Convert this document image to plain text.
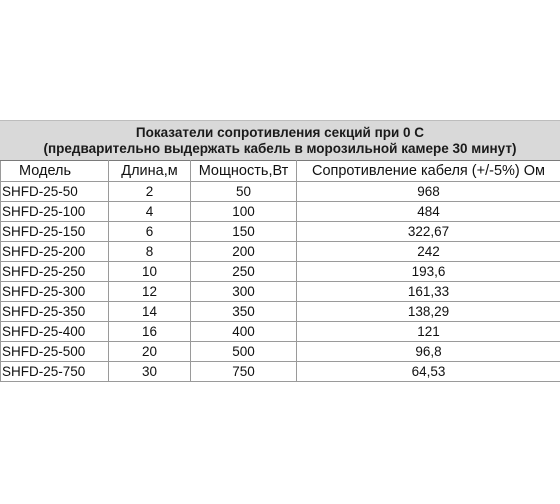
Показатели сопротивления секций при 0 С
(предварительно выдержать кабель в морозильной камере 30 минут)
Модель	Длина,м	Мощность,Вт	Сопротивление кабеля (+/-5%) Ом
SHFD-25-50	2	50	968
SHFD-25-100	4	100	484
SHFD-25-150	6	150	322,67
SHFD-25-200	8	200	242
SHFD-25-250	10	250	193,6
SHFD-25-300	12	300	161,33
SHFD-25-350	14	350	138,29
SHFD-25-400	16	400	121
SHFD-25-500	20	500	96,8
SHFD-25-750	30	750	64,53
